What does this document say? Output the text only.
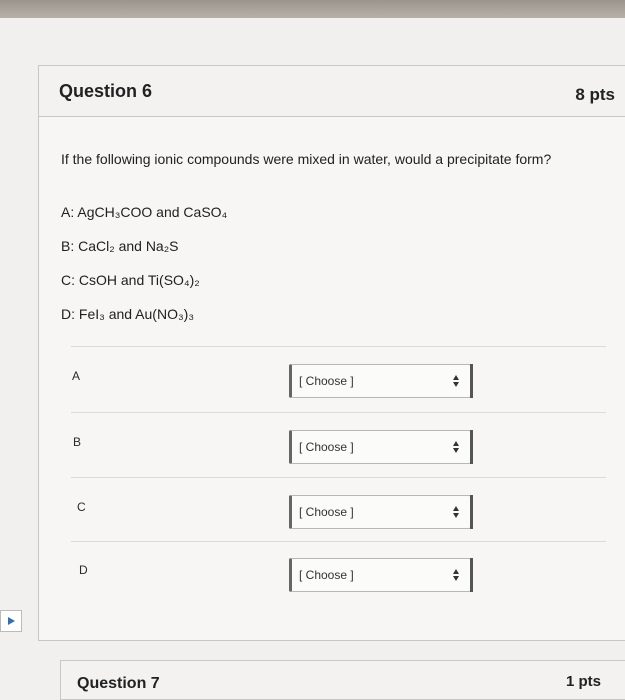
Question 6	8 pts
If the following ionic compounds were mixed in water, would a precipitate form?
A: AgCH₃COO and CaSO₄
B: CaCl₂ and Na₂S
C: CsOH and Ti(SO₄)₂
D: FeI₃ and Au(NO₃)₃
A	[ Choose ]
B	[ Choose ]
C	[ Choose ]
D	[ Choose ]
Question 7	1 pts
